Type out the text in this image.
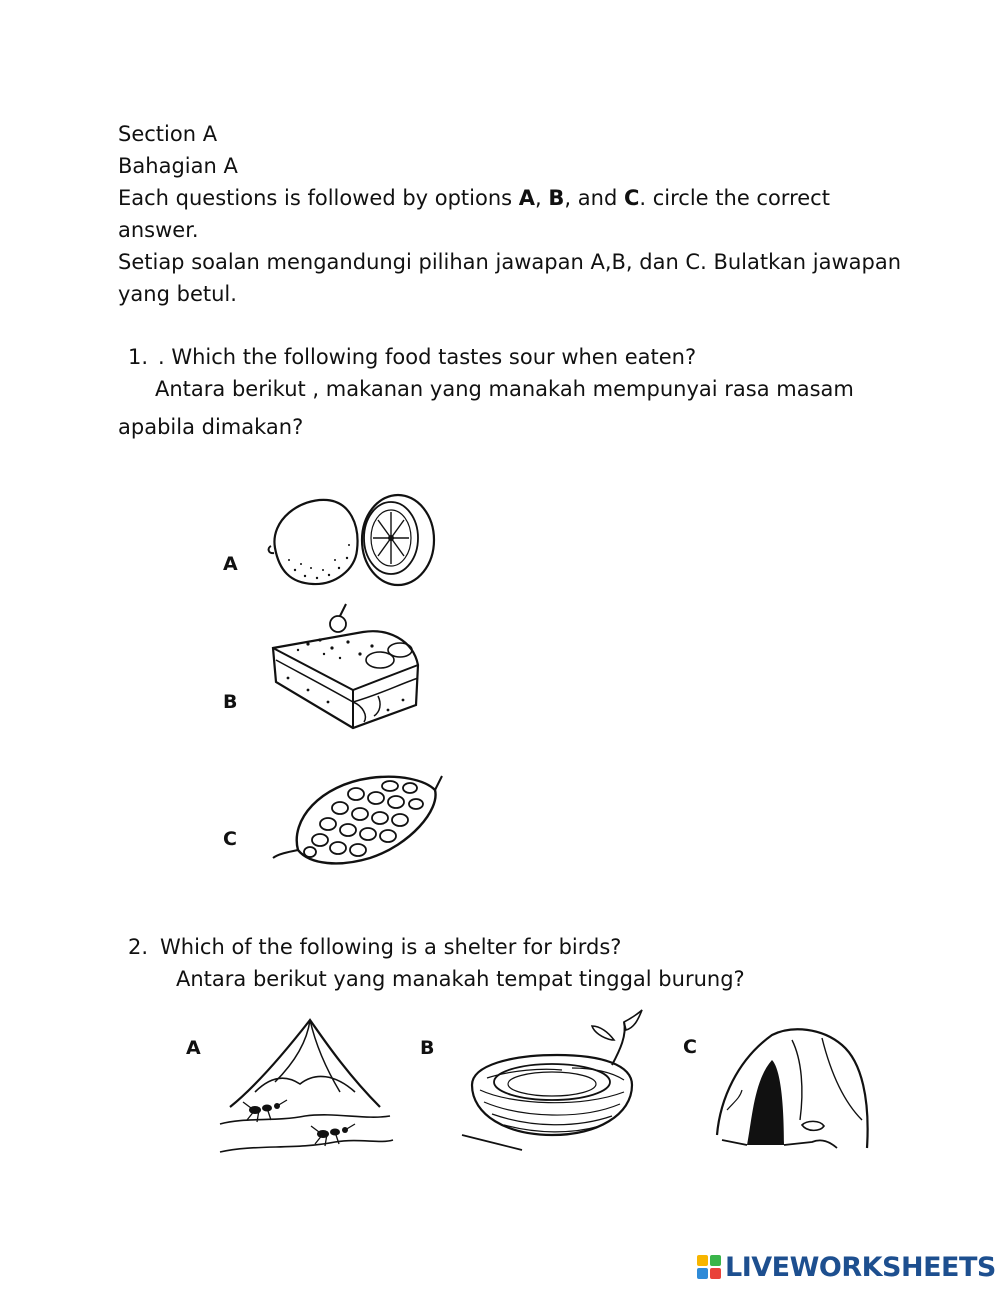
Section A
Bahagian A
Each questions is followed by options A, B, and C. circle the correct
answer.
Setiap soalan mengandungi pilihan jawapan A,B, dan C. Bulatkan jawapan
yang betul.
1. . Which the following food tastes sour when eaten?
Antara berikut , makanan yang manakah mempunyai rasa masam
apabila dimakan?
A
B
C
2. Which of the following is a shelter for birds?
Antara berikut yang manakah tempat tinggal burung?
A	B	C
LIVEWORKSHEETS
